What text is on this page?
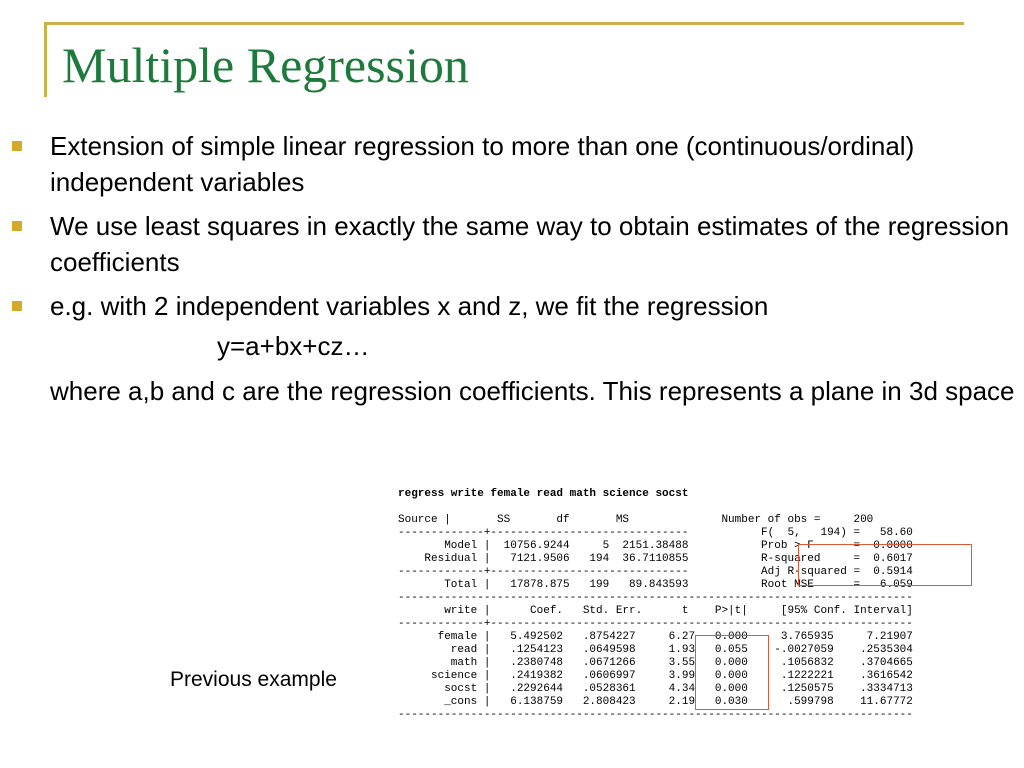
Multiple Regression
Extension of simple linear regression to more than one (continuous/ordinal) independent variables
We use least squares in exactly the same way to obtain estimates of the regression coefficients
e.g. with 2 independent variables x and z, we fit the regression
y=a+bx+cz…
where a,b and c are the regression coefficients. This represents a plane in 3d space
Previous example
regress write female read math science socst
Source |       SS       df       MS              Number of obs =     200
-------------+------------------------------           F(  5,   194) =   58.60
Model |  10756.9244     5  2151.38488           Prob > F      =  0.0000
Residual |   7121.9506   194  36.7110855           R-squared     =  0.6017
-------------+------------------------------           Adj R-squared =  0.5914
Total |   17878.875   199   89.843593           Root MSE      =   6.059
------------------------------------------------------------------------------
write |      Coef.   Std. Err.      t    P>|t|     [95% Conf. Interval]
-------------+----------------------------------------------------------------
female |   5.492502   .8754227     6.27   0.000     3.765935     7.21907
read |   .1254123   .0649598     1.93   0.055    -.0027059    .2535304
math |   .2380748   .0671266     3.55   0.000     .1056832    .3704665
science |   .2419382   .0606997     3.99   0.000     .1222221    .3616542
socst |   .2292644   .0528361     4.34   0.000     .1250575    .3334713
_cons |   6.138759   2.808423     2.19   0.030      .599798    11.67772
------------------------------------------------------------------------------
